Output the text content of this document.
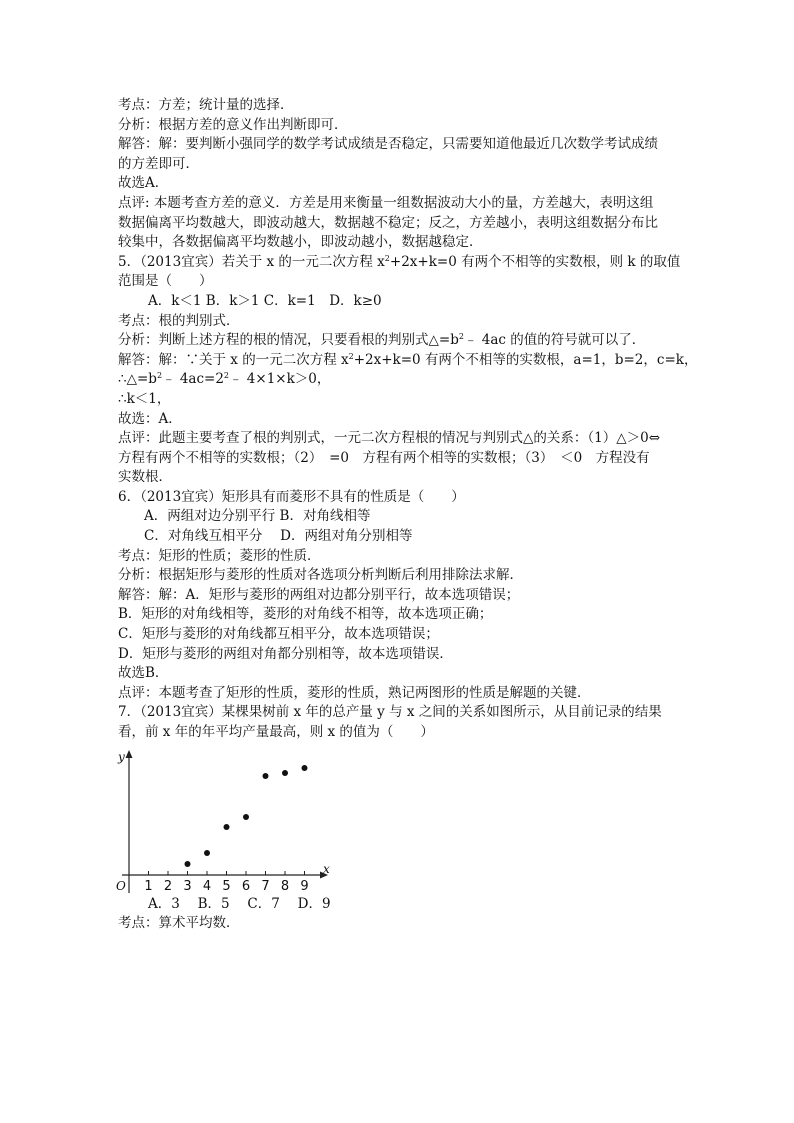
考点：方差；统计量的选择．
分析：根据方差的意义作出判断即可．
解答：解：要判断小强同学的数学考试成绩是否稳定，只需要知道他最近几次数学考试成绩
的方差即可．
故选A．
点评: 本题考查方差的意义．方差是用来衡量一组数据波动大小的量，方差越大，表明这组
数据偏离平均数越大，即波动越大，数据越不稳定；反之，方差越小，表明这组数据分布比
较集中，各数据偏离平均数越小，即波动越小，数据越稳定．
5．（2013宜宾）若关于 x 的一元二次方程 $x^2+2x+k=0$ 有两个不相等的实数根，则 k 的取值
范围是（　　）
A．k＜1 B．k＞1 C．k=1　D．k≥0
考点：根的判别式．
分析：判断上述方程的根的情况，只要看根的判别式$\triangle=b^2﹣$ 4ac 的值的符号就可以了．
解答：解：∵关于 x 的一元二次方程 $x^2+2x+k=0$ 有两个不相等的实数根，a=1，b=2，c=k，
$\therefore\triangle=b^2﹣$ $4ac=2^2﹣$ 4×1×k＞0，
∴k＜1，
故选：A．
点评：此题主要考查了根的判别式，一元二次方程根的情况与判别式△的关系：（1）△＞0⇔
方程有两个不相等的实数根；（2）　=0　方程有两个相等的实数根；（3）　＜0　方程没有
实数根．
6．（2013宜宾）矩形具有而菱形不具有的性质是（　　）
A．两组对边分别平行 B．对角线相等
C．对角线互相平分　 D．两组对角分别相等
考点：矩形的性质；菱形的性质．
分析：根据矩形与菱形的性质对各选项分析判断后利用排除法求解．
解答：解：A．矩形与菱形的两组对边都分别平行，故本选项错误；
B．矩形的对角线相等，菱形的对角线不相等，故本选项正确；
C．矩形与菱形的对角线都互相平分，故本选项错误；
D．矩形与菱形的两组对角都分别相等，故本选项错误．
故选B．
点评：本题考查了矩形的性质，菱形的性质，熟记两图形的性质是解题的关键．
7．（2013宜宾）某棵果树前 x 年的总产量 y 与 x 之间的关系如图所示，从目前记录的结果
看，前 x 年的年平均产量最高，则 x 的值为（　　）
x
y
O 1 2 3 4 5 6 7 8 9
A．3　 B．5　 C．7　 D．9
考点：算术平均数．
